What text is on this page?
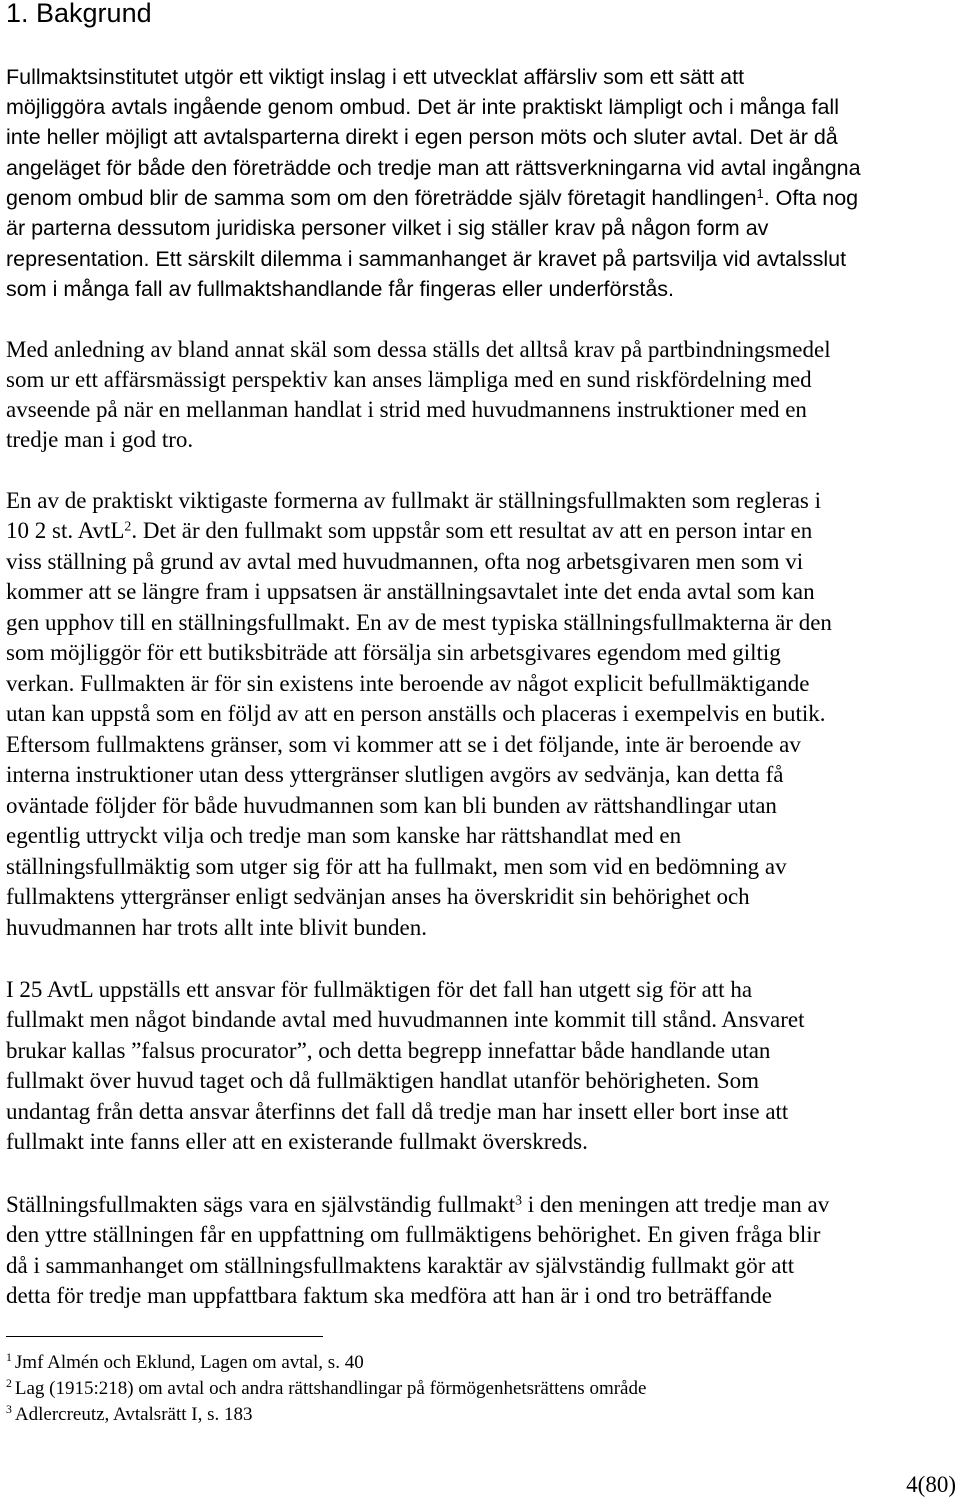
1. Bakgrund
Fullmaktsinstitutet utgör ett viktigt inslag i ett utvecklat affärsliv som ett sätt att
möjliggöra avtals ingående genom ombud. Det är inte praktiskt lämpligt och i många fall
inte heller möjligt att avtalsparterna direkt i egen person möts och sluter avtal. Det är då
angeläget för både den företrädde och tredje man att rättsverkningarna vid avtal ingångna
genom ombud blir de samma som om den företrädde själv företagit handlingen$^1$. Ofta nog
är parterna dessutom juridiska personer vilket i sig ställer krav på någon form av
representation. Ett särskilt dilemma i sammanhanget är kravet på partsvilja vid avtalsslut
som i många fall av fullmaktshandlande får fingeras eller underförstås.
Med anledning av bland annat skäl som dessa ställs det alltså krav på partbindningsmedel
som ur ett affärsmässigt perspektiv kan anses lämpliga med en sund riskfördelning med
avseende på när en mellanman handlat i strid med huvudmannens instruktioner med en
tredje man i god tro.
En av de praktiskt viktigaste formerna av fullmakt är ställningsfullmakten som regleras i
10 2 st. AvtL$^2$. Det är den fullmakt som uppstår som ett resultat av att en person intar en
viss ställning på grund av avtal med huvudmannen, ofta nog arbetsgivaren men som vi
kommer att se längre fram i uppsatsen är anställningsavtalet inte det enda avtal som kan
gen upphov till en ställningsfullmakt. En av de mest typiska ställningsfullmakterna är den
som möjliggör för ett butiksbiträde att försälja sin arbetsgivares egendom med giltig
verkan. Fullmakten är för sin existens inte beroende av något explicit befullmäktigande
utan kan uppstå som en följd av att en person anställs och placeras i exempelvis en butik.
Eftersom fullmaktens gränser, som vi kommer att se i det följande, inte är beroende av
interna instruktioner utan dess yttergränser slutligen avgörs av sedvänja, kan detta få
oväntade följder för både huvudmannen som kan bli bunden av rättshandlingar utan
egentlig uttryckt vilja och tredje man som kanske har rättshandlat med en
ställningsfullmäktig som utger sig för att ha fullmakt, men som vid en bedömning av
fullmaktens yttergränser enligt sedvänjan anses ha överskridit sin behörighet och
huvudmannen har trots allt inte blivit bunden.
I 25 AvtL uppställs ett ansvar för fullmäktigen för det fall han utgett sig för att ha
fullmakt men något bindande avtal med huvudmannen inte kommit till stånd. Ansvaret
brukar kallas ”falsus procurator”, och detta begrepp innefattar både handlande utan
fullmakt över huvud taget och då fullmäktigen handlat utanför behörigheten. Som
undantag från detta ansvar återfinns det fall då tredje man har insett eller bort inse att
fullmakt inte fanns eller att en existerande fullmakt överskreds.
Ställningsfullmakten sägs vara en självständig fullmakt$^3$ i den meningen att tredje man av
den yttre ställningen får en uppfattning om fullmäktigens behörighet. En given fråga blir
då i sammanhanget om ställningsfullmaktens karaktär av självständig fullmakt gör att
detta för tredje man uppfattbara faktum ska medföra att han är i ond tro beträffande
$^1$ Jmf Almén och Eklund, Lagen om avtal, s. 40
$^2$ Lag (1915:218) om avtal och andra rättshandlingar på förmögenhetsrättens område
$^3$ Adlercreutz, Avtalsrätt I, s. 183
4(80)
